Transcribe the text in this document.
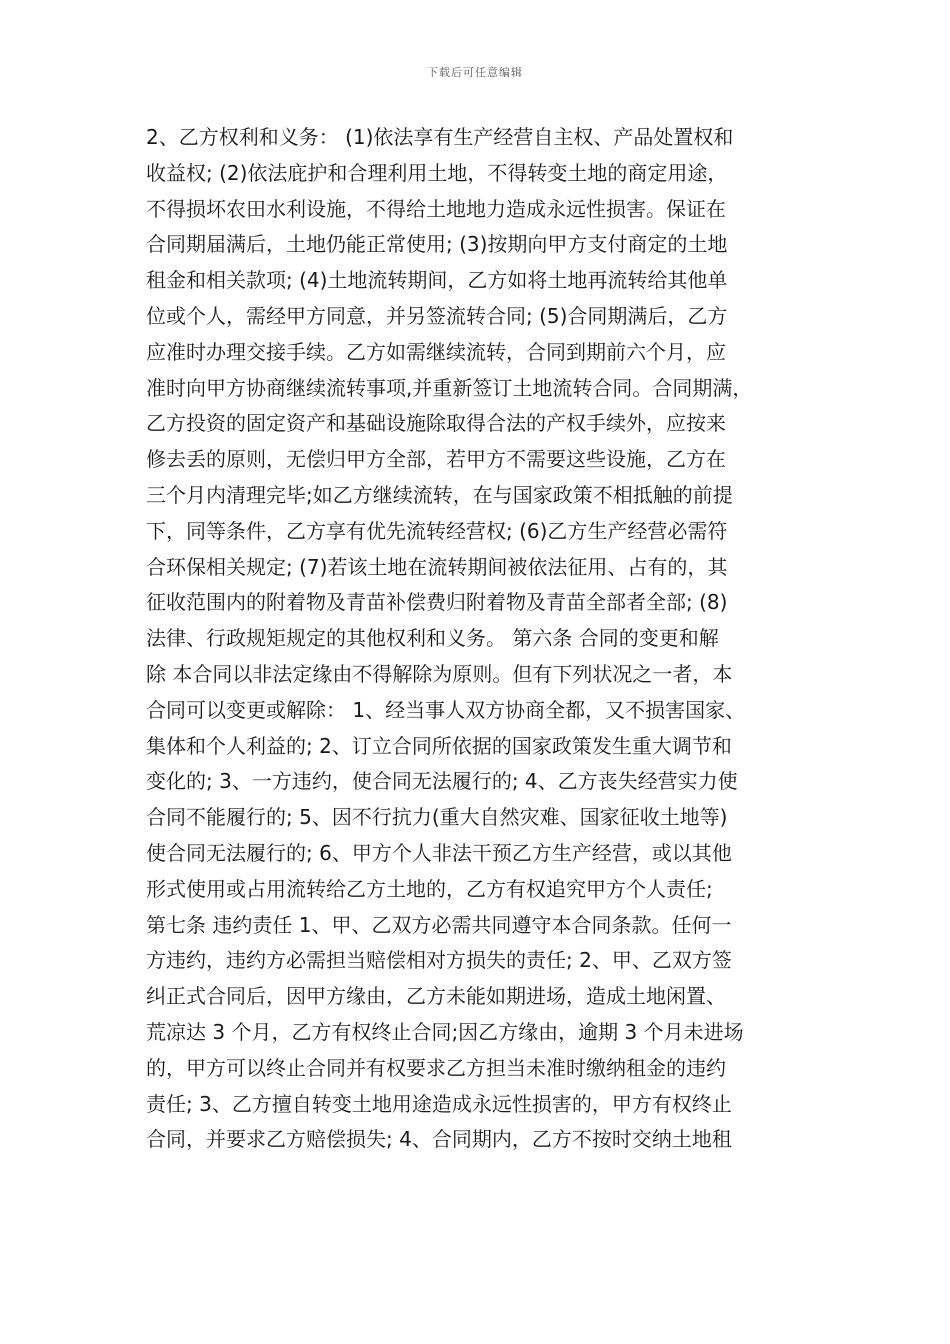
下载后可任意编辑
2、乙方权利和义务： (1)依法享有生产经营自主权、产品处置权和
收益权; (2)依法庇护和合理利用土地，不得转变土地的商定用途，
不得损坏农田水利设施，不得给土地地力造成永远性损害。保证在
合同期届满后，土地仍能正常使用; (3)按期向甲方支付商定的土地
租金和相关款项; (4)土地流转期间，乙方如将土地再流转给其他单
位或个人，需经甲方同意，并另签流转合同; (5)合同期满后，乙方
应准时办理交接手续。乙方如需继续流转，合同到期前六个月，应
准时向甲方协商继续流转事项,并重新签订土地流转合同。合同期满，
乙方投资的固定资产和基础设施除取得合法的产权手续外，应按来
修去丢的原则，无偿归甲方全部，若甲方不需要这些设施，乙方在
三个月内清理完毕;如乙方继续流转，在与国家政策不相抵触的前提
下，同等条件，乙方享有优先流转经营权; (6)乙方生产经营必需符
合环保相关规定; (7)若该土地在流转期间被依法征用、占有的，其
征收范围内的附着物及青苗补偿费归附着物及青苗全部者全部; (8)
法律、行政规矩规定的其他权利和义务。 第六条 合同的变更和解
除 本合同以非法定缘由不得解除为原则。但有下列状况之一者，本
合同可以变更或解除： 1、经当事人双方协商全都，又不损害国家、
集体和个人利益的; 2、订立合同所依据的国家政策发生重大调节和
变化的; 3、一方违约，使合同无法履行的; 4、乙方丧失经营实力使
合同不能履行的; 5、因不行抗力(重大自然灾难、国家征收土地等)
使合同无法履行的; 6、甲方个人非法干预乙方生产经营，或以其他
形式使用或占用流转给乙方土地的，乙方有权追究甲方个人责任;
第七条 违约责任 1、甲、乙双方必需共同遵守本合同条款。任何一
方违约，违约方必需担当赔偿相对方损失的责任; 2、甲、乙双方签
纠正式合同后，因甲方缘由，乙方未能如期进场，造成土地闲置、
荒凉达 3 个月，乙方有权终止合同;因乙方缘由，逾期 3 个月未进场
的，甲方可以终止合同并有权要求乙方担当未准时缴纳租金的违约
责任; 3、乙方擅自转变土地用途造成永远性损害的，甲方有权终止
合同，并要求乙方赔偿损失; 4、合同期内，乙方不按时交纳土地租
